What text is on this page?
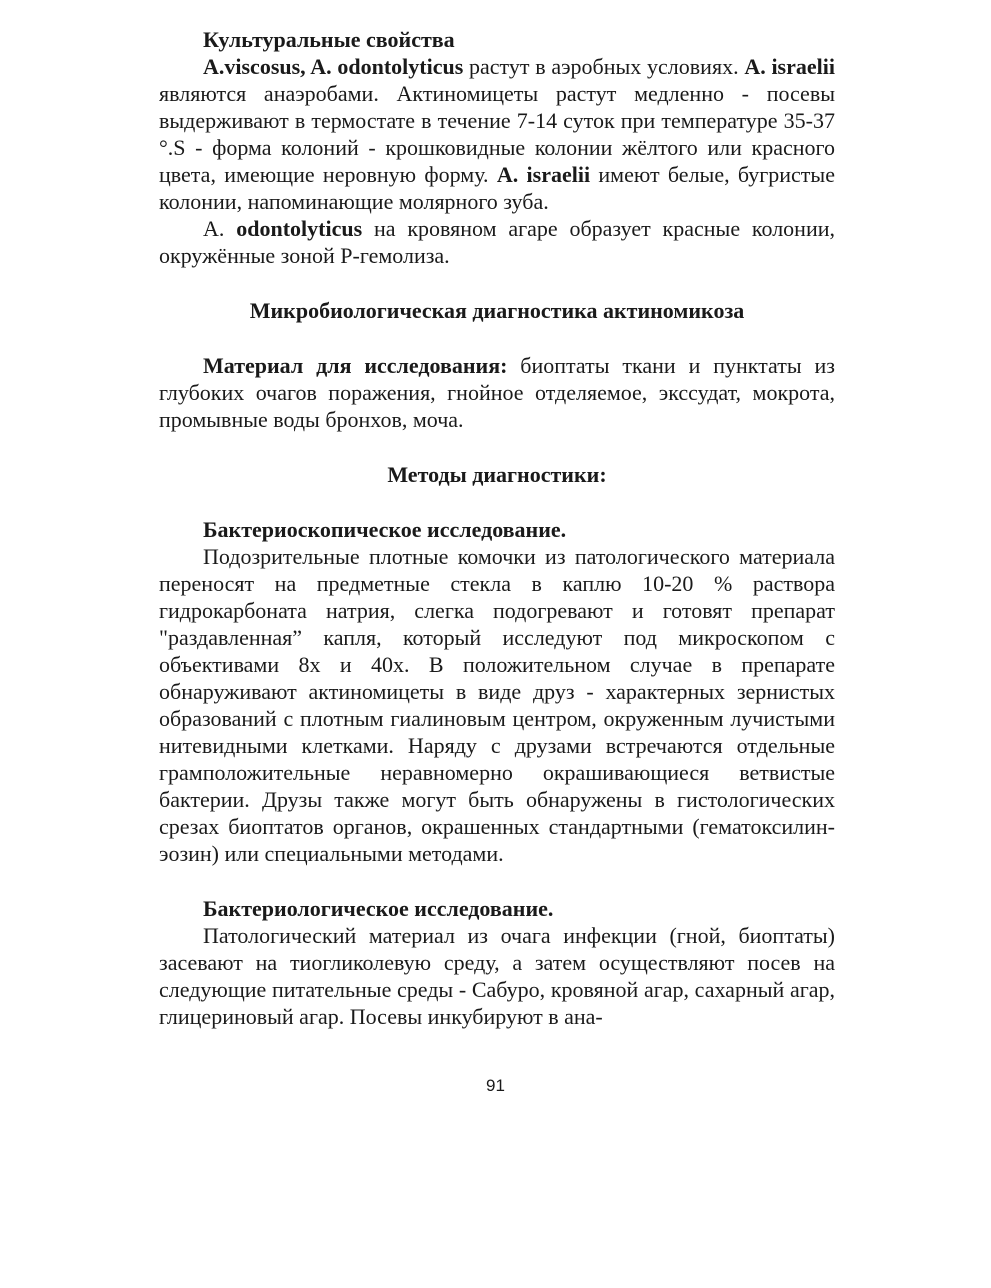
Культуральные свойства

A.viscosus, A. odontolyticus растут в аэробных условиях. A. israelii являются анаэробами. Актиномицеты растут медленно - посевы выдерживают в термостате в течение 7-14 суток при температуре 35-37 °.S - форма колоний - крошковидные колонии жёлтого или красного цвета, имеющие неровную форму. A. israelii имеют белые, бугристые колонии, напоминающие молярного зуба.

A. odontolyticus на кровяном агаре образует красные колонии, окружённые зоной Р-гемолиза.

Микробиологическая диагностика актиномикоза

Материал для исследования: биоптаты ткани и пунктаты из глубоких очагов поражения, гнойное отделяемое, экссудат, мокрота, промывные воды бронхов, моча.

Методы диагностики:
Бактериоскопическое исследование.

Подозрительные плотные комочки из патологического материала переносят на предметные стекла в каплю 10-20 % раствора гидрокарбоната натрия, слегка подогревают и готовят препарат "раздавленная” капля, который исследуют под микроскопом с объективами 8х и 40х. В положительном случае в препарате обнаруживают актиномицеты в виде друз - характерных зернистых образований с плотным гиалиновым центром, окруженным лучистыми нитевидными клетками. Наряду с друзами встречаются отдельные грамположительные неравномерно окрашивающиеся ветвистые бактерии. Друзы также могут быть обнаружены в гистологических срезах биоптатов органов, окрашенных стандартными (гематоксилин-эозин) или специальными методами.

Бактериологическое исследование.

Патологический материал из очага инфекции (гной, биоптаты) засевают на тиогликолевую среду, а затем осуществляют посев на следующие питательные среды - Сабуро, кровяной агар, сахарный агар, глицериновый агар. Посевы инкубируют в ана-

91
